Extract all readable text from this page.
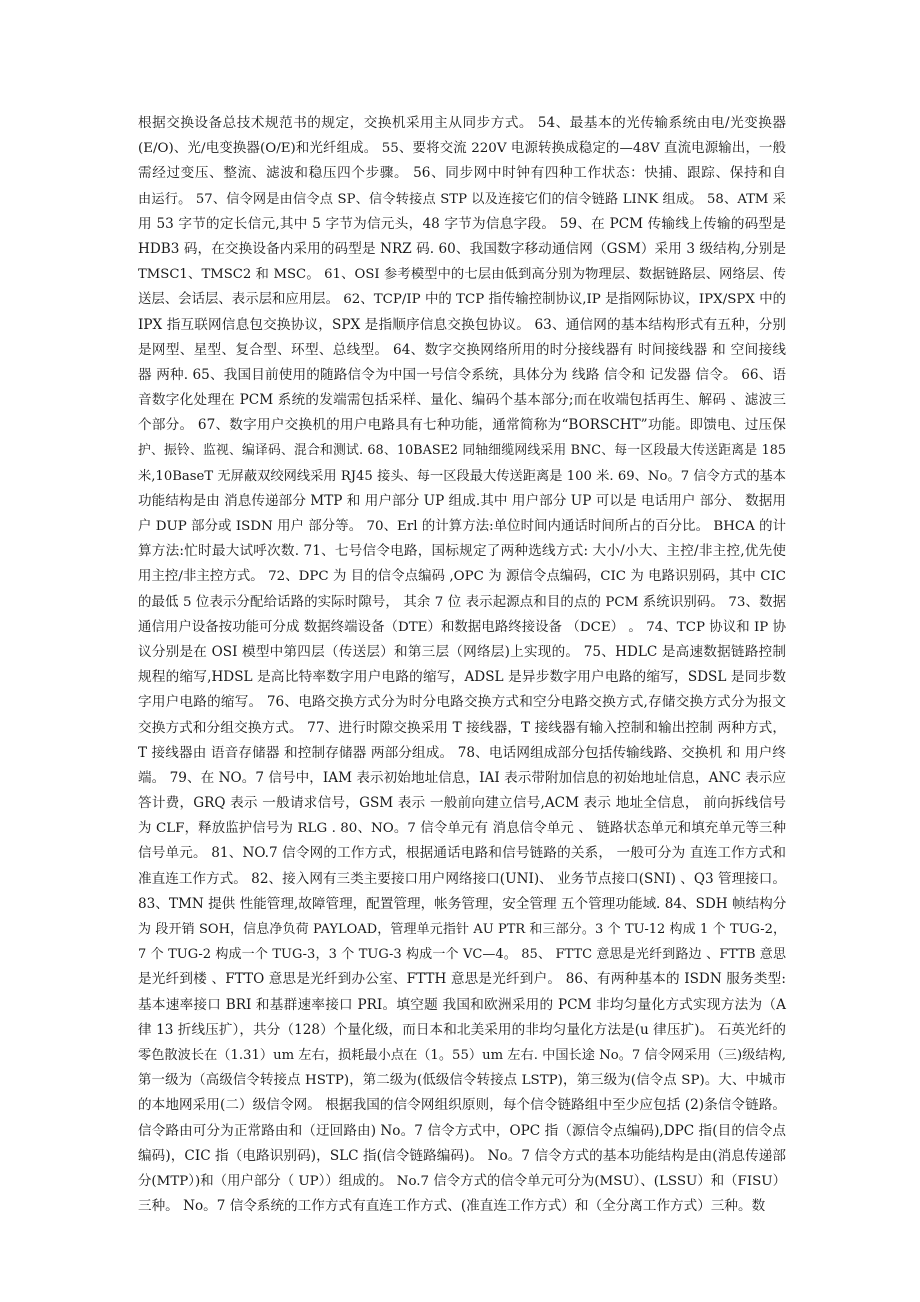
根据交换设备总技术规范书的规定，交换机采用主从同步方式。 54、最基本的光传输系统由电/光变换器
(E/O)、光/电变换器(O/E)和光纤组成。 55、要将交流 220V 电源转换成稳定的—48V 直流电源输出，一般
需经过变压、整流、滤波和稳压四个步骤。 56、同步网中时钟有四种工作状态：快捕、跟踪、保持和自
由运行。 57、信令网是由信令点 SP、信令转接点 STP 以及连接它们的信令链路 LINK 组成。 58、ATM 采
用 53 字节的定长信元,其中 5 字节为信元头，48 字节为信息字段。 59、在 PCM 传输线上传输的码型是
HDB3 码，在交换设备内采用的码型是 NRZ 码. 60、我国数字移动通信网（GSM）采用 3 级结构,分别是
TMSC1、TMSC2 和 MSC。 61、OSI 参考模型中的七层由低到高分别为物理层、数据链路层、网络层、传
送层、会话层、表示层和应用层。 62、TCP/IP 中的 TCP 指传输控制协议,IP 是指网际协议，IPX/SPX 中的
IPX 指互联网信息包交换协议，SPX 是指顺序信息交换包协议。 63、通信网的基本结构形式有五种，分别
是网型、星型、复合型、环型、总线型。 64、数字交换网络所用的时分接线器有 时间接线器 和 空间接线
器 两种. 65、我国目前使用的随路信令为中国一号信令系统，具体分为 线路 信令和 记发器 信令。 66、语
音数字化处理在 PCM 系统的发端需包括采样、量化、编码个基本部分;而在收端包括再生、解码 、滤波三
个部分。 67、数字用户交换机的用户电路具有七种功能，通常简称为“BORSCHT”功能。即馈电、过压保
护、振铃、监视、编译码、混合和测试. 68、10BASE2 同轴细缆网线采用 BNC、每一区段最大传送距离是 185
米,10BaseT 无屏蔽双绞网线采用 RJ45 接头、每一区段最大传送距离是 100 米. 69、No。7 信令方式的基本
功能结构是由 消息传递部分 MTP 和 用户部分 UP 组成.其中 用户部分 UP 可以是 电话用户 部分、 数据用
户 DUP 部分或 ISDN 用户 部分等。 70、Erl 的计算方法:单位时间内通话时间所占的百分比。 BHCA 的计
算方法:忙时最大试呼次数. 71、七号信令电路，国标规定了两种选线方式: 大小/小大、主控/非主控,优先使
用主控/非主控方式。 72、DPC 为 目的信令点编码 ,OPC 为 源信令点编码，CIC 为 电路识别码，其中 CIC
的最低 5 位表示分配给话路的实际时隙号， 其余 7 位 表示起源点和目的点的 PCM 系统识别码。 73、数据
通信用户设备按功能可分成 数据终端设备（DTE）和数据电路终接设备 （DCE） 。 74、TCP 协议和 IP 协
议分别是在 OSI 模型中第四层（传送层）和第三层（网络层)上实现的。 75、HDLC 是高速数据链路控制
规程的缩写,HDSL 是高比特率数字用户电路的缩写，ADSL 是异步数字用户电路的缩写，SDSL 是同步数
字用户电路的缩写。 76、电路交换方式分为时分电路交换方式和空分电路交换方式,存储交换方式分为报文
交换方式和分组交换方式。 77、进行时隙交换采用 T 接线器，T 接线器有输入控制和输出控制 两种方式，
T 接线器由 语音存储器 和控制存储器 两部分组成。 78、电话网组成部分包括传输线路、交换机 和 用户终
端。 79、在 NO。7 信号中，IAM 表示初始地址信息，IAI 表示带附加信息的初始地址信息，ANC 表示应
答计费，GRQ 表示 一般请求信号，GSM 表示 一般前向建立信号,ACM 表示 地址全信息， 前向拆线信号
为 CLF，释放监护信号为 RLG . 80、NO。7 信令单元有 消息信令单元 、 链路状态单元和填充单元等三种
信号单元。 81、NO.7 信令网的工作方式，根据通话电路和信号链路的关系， 一般可分为 直连工作方式和
准直连工作方式。 82、接入网有三类主要接口用户网络接口(UNI)、 业务节点接口(SNI) 、Q3 管理接口。
83、TMN 提供 性能管理,故障管理，配置管理，帐务管理，安全管理 五个管理功能域. 84、SDH 帧结构分
为 段开销 SOH，信息净负荷 PAYLOAD，管理单元指针 AU PTR 和三部分。3 个 TU-12 构成 1 个 TUG-2，
7 个 TUG-2 构成一个 TUG-3，3 个 TUG-3 构成一个 VC—4。 85、 FTTC 意思是光纤到路边 、FTTB 意思
是光纤到楼 、FTTO 意思是光纤到办公室、FTTH 意思是光纤到户。 86、有两种基本的 ISDN 服务类型:
基本速率接口 BRI 和基群速率接口 PRI。填空题 我国和欧洲采用的 PCM 非均匀量化方式实现方法为（A
律 13 折线压扩），共分（128）个量化级，而日本和北美采用的非均匀量化方法是(u 律压扩)。 石英光纤的
零色散波长在（1.31）um 左右，损耗最小点在（1。55）um 左右. 中国长途 No。7 信令网采用（三)级结构,
第一级为（高级信令转接点 HSTP)，第二级为(低级信令转接点 LSTP)，第三级为(信令点 SP)。大、中城市
的本地网采用(二）级信令网。 根据我国的信令网组织原则，每个信令链路组中至少应包括 (2)条信令链路。
信令路由可分为正常路由和（迂回路由) No。7 信令方式中，OPC 指（源信令点编码),DPC 指(目的信令点
编码)，CIC 指（电路识别码)，SLC 指(信令链路编码)。 No。7 信令方式的基本功能结构是由(消息传递部
分(MTP）)和（用户部分（ UP））组成的。 No.7 信令方式的信令单元可分为(MSU）、(LSSU）和（FISU）
三种。 No。7 信令系统的工作方式有直连工作方式、(准直连工作方式）和（全分离工作方式）三种。数
